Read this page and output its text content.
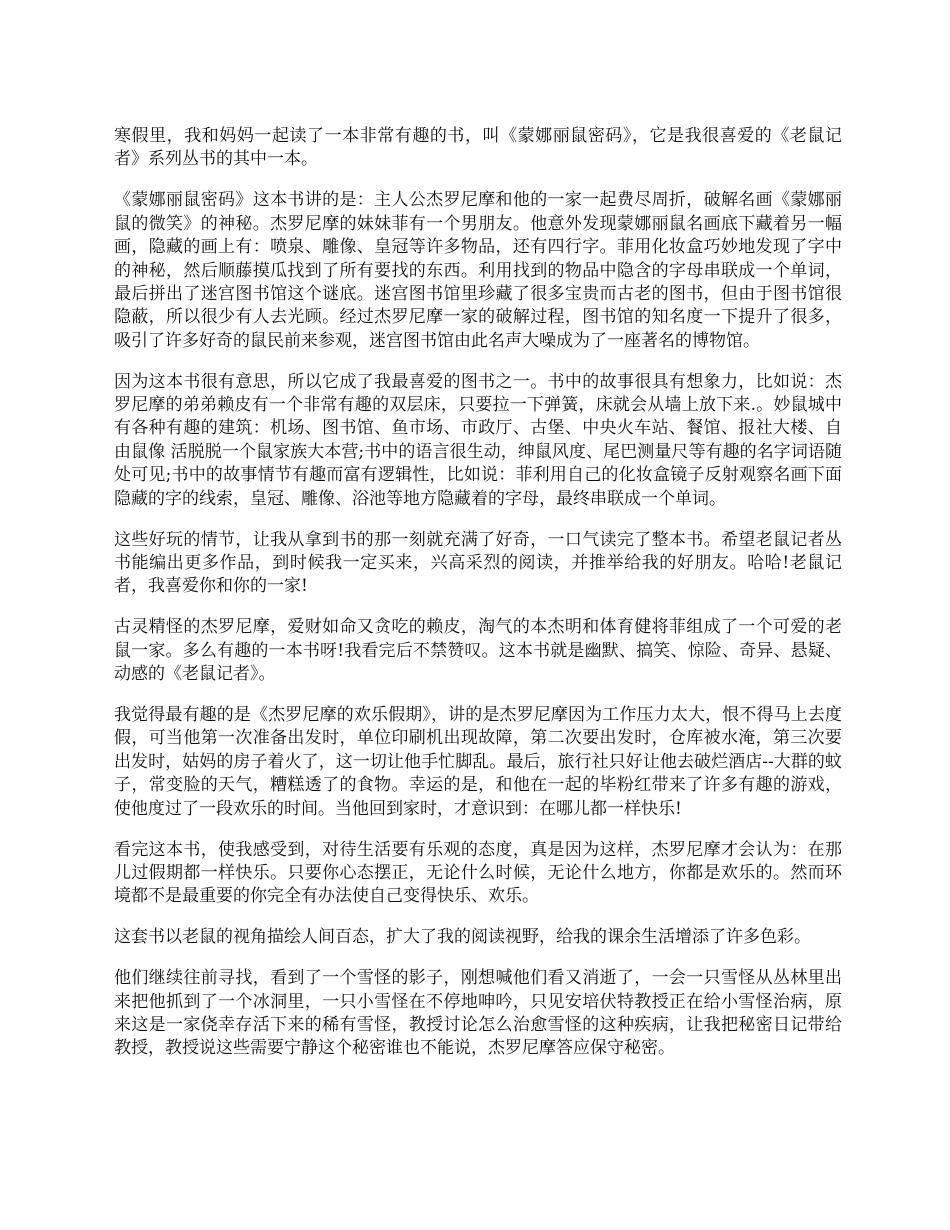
寒假里，我和妈妈一起读了一本非常有趣的书，叫《蒙娜丽鼠密码》，它是我很喜爱的《老鼠记者》系列丛书的其中一本。

《蒙娜丽鼠密码》这本书讲的是：主人公杰罗尼摩和他的一家一起费尽周折，破解名画《蒙娜丽鼠的微笑》的神秘。杰罗尼摩的妹妹菲有一个男朋友。他意外发现蒙娜丽鼠名画底下藏着另一幅画，隐藏的画上有：喷泉、雕像、皇冠等许多物品，还有四行字。菲用化妆盒巧妙地发现了字中的神秘，然后顺藤摸瓜找到了所有要找的东西。利用找到的物品中隐含的字母串联成一个单词，最后拼出了迷宫图书馆这个谜底。迷宫图书馆里珍藏了很多宝贵而古老的图书，但由于图书馆很隐蔽，所以很少有人去光顾。经过杰罗尼摩一家的破解过程，图书馆的知名度一下提升了很多，吸引了许多好奇的鼠民前来参观，迷宫图书馆由此名声大噪成为了一座著名的博物馆。

因为这本书很有意思，所以它成了我最喜爱的图书之一。书中的故事很具有想象力，比如说：杰罗尼摩的弟弟赖皮有一个非常有趣的双层床，只要拉一下弹簧，床就会从墙上放下来.。妙鼠城中有各种有趣的建筑：机场、图书馆、鱼市场、市政厅、古堡、中央火车站、餐馆、报社大楼、自由鼠像 活脱脱一个鼠家族大本营;书中的语言很生动，绅鼠风度、尾巴测量尺等有趣的名字词语随处可见;书中的故事情节有趣而富有逻辑性，比如说：菲利用自己的化妆盒镜子反射观察名画下面隐藏的字的线索，皇冠、雕像、浴池等地方隐藏着的字母，最终串联成一个单词。

这些好玩的情节，让我从拿到书的那一刻就充满了好奇，一口气读完了整本书。希望老鼠记者丛书能编出更多作品，到时候我一定买来，兴高采烈的阅读，并推举给我的好朋友。哈哈!老鼠记者，我喜爱你和你的一家!

古灵精怪的杰罗尼摩，爱财如命又贪吃的赖皮，淘气的本杰明和体育健将菲组成了一个可爱的老鼠一家。多么有趣的一本书呀!我看完后不禁赞叹。这本书就是幽默、搞笑、惊险、奇异、悬疑、动感的《老鼠记者》。

我觉得最有趣的是《杰罗尼摩的欢乐假期》，讲的是杰罗尼摩因为工作压力太大，恨不得马上去度假，可当他第一次准备出发时，单位印刷机出现故障，第二次要出发时，仓库被水淹，第三次要出发时，姑妈的房子着火了，这一切让他手忙脚乱。最后，旅行社只好让他去破烂酒店--大群的蚊子，常变脸的天气，糟糕透了的食物。幸运的是，和他在一起的毕粉红带来了许多有趣的游戏，使他度过了一段欢乐的时间。当他回到家时，才意识到：在哪儿都一样快乐!

看完这本书，使我感受到，对待生活要有乐观的态度，真是因为这样，杰罗尼摩才会认为：在那儿过假期都一样快乐。只要你心态摆正，无论什么时候，无论什么地方，你都是欢乐的。然而环境都不是最重要的你完全有办法使自己变得快乐、欢乐。

这套书以老鼠的视角描绘人间百态，扩大了我的阅读视野，给我的课余生活增添了许多色彩。

他们继续往前寻找，看到了一个雪怪的影子，刚想喊他们看又消逝了，一会一只雪怪从丛林里出来把他抓到了一个冰洞里，一只小雪怪在不停地呻吟，只见安培伏特教授正在给小雪怪治病，原来这是一家侥幸存活下来的稀有雪怪，教授讨论怎么治愈雪怪的这种疾病，让我把秘密日记带给教授，教授说这些需要宁静这个秘密谁也不能说，杰罗尼摩答应保守秘密。
